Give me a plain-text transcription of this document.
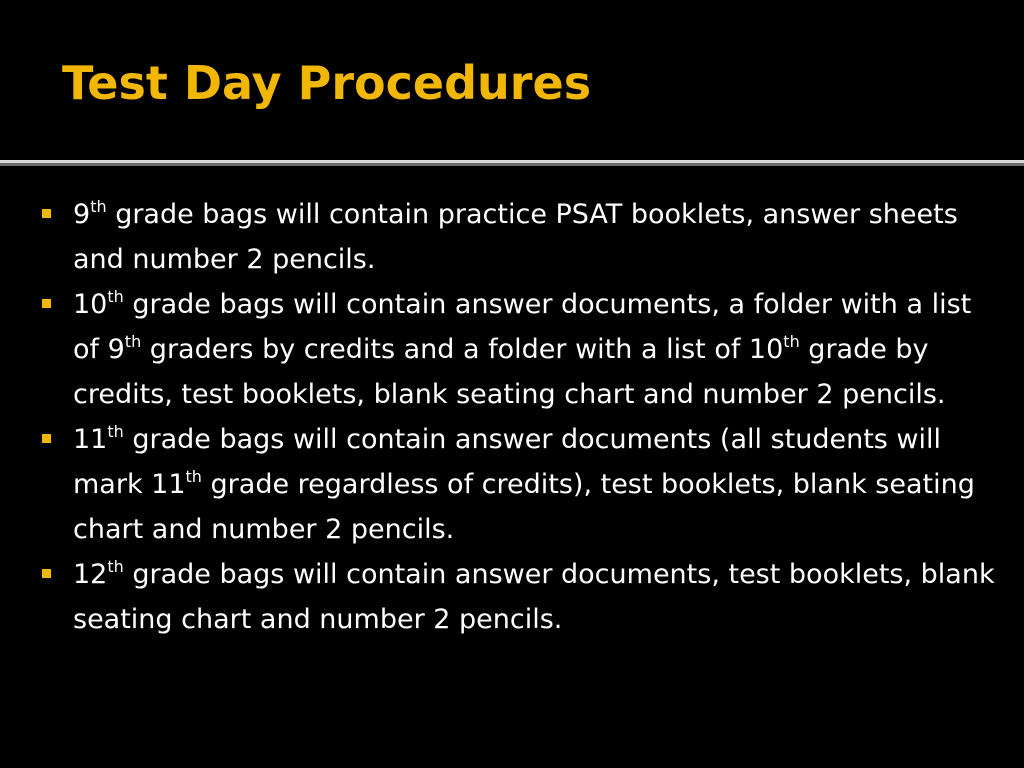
Test Day Procedures
9th grade bags will contain practice PSAT booklets, answer sheets and number 2 pencils.
10th grade bags will contain answer documents, a folder with a list of 9th graders by credits and a folder with a list of 10th grade by credits, test booklets, blank seating chart and number 2 pencils.
11th grade bags will contain answer documents (all students will mark 11th grade regardless of credits), test booklets, blank seating chart and number 2 pencils.
12th grade bags will contain answer documents, test booklets, blank seating chart and number 2 pencils.
